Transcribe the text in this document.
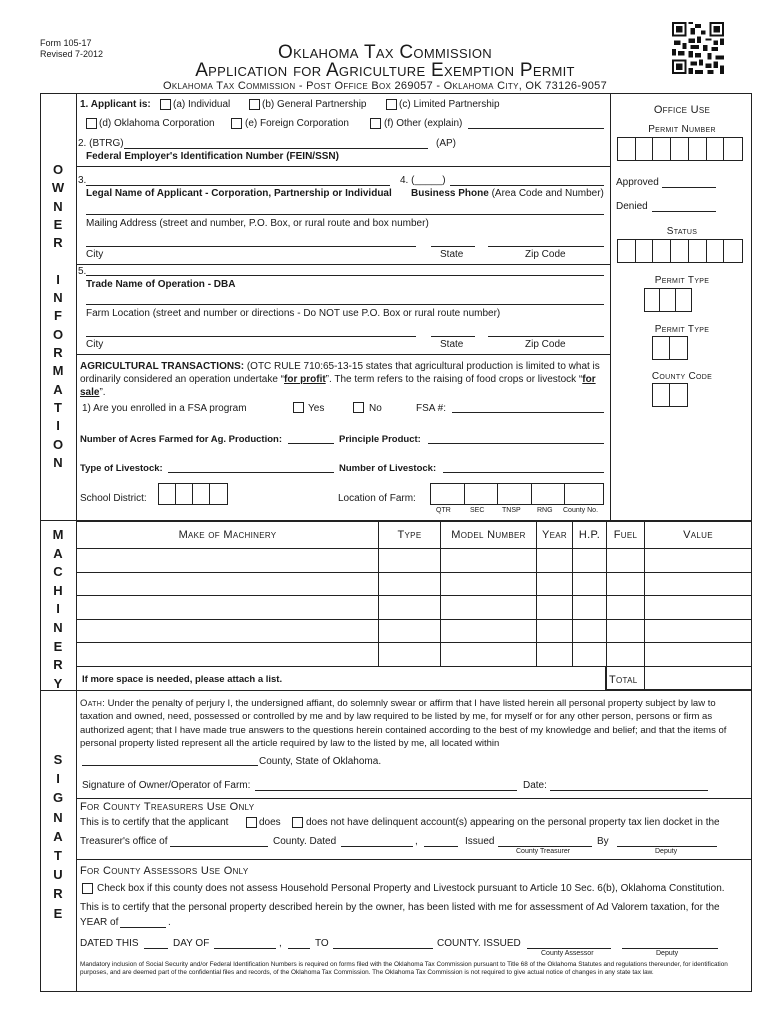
Form 105-17
Revised 7-2012	Oklahoma Tax Commission
Application for Agriculture Exemption Permit
Oklahoma Tax Commission - Post Office Box 269057 - Oklahoma City, OK 73126-9057
O
W
N
E
R
I
N
F
O
R
M
A
T
I
O
N
M
A
C
H
I
N
E
R
Y
S
I
G
N
A
T
U
R
E
1. Applicant is: (a) Individual	(b) General Partnership	(c) Limited Partnership
(d) Oklahoma Corporation	(e) Foreign Corporation	(f) Other (explain)
2. (BTRG)	(AP)
Federal Employer's Identification Number (FEIN/SSN)
3.	4. (_____)
Legal Name of Applicant - Corporation, Partnership or Individual Business Phone (Area Code and Number)
Mailing Address (street and number, P.O. Box, or rural route and box number)
City	State	Zip Code
5.
Trade Name of Operation - DBA
Farm Location (street and number or directions - Do NOT use P.O. Box or rural route number)
City	State	Zip Code
AGRICULTURAL TRANSACTIONS: (OTC RULE 710:65-13-15 states that agricultural production is limited to what is
ordinarily considered an operation undertake “for profit”. The term refers to the raising of food crops or livestock “for
sale”.
1) Are you enrolled in a FSA program	Yes	No	FSA #:
Number of Acres Farmed for Ag. Production:	Principle Product:
Type of Livestock:	Number of Livestock:
School District:	Location of Farm:
QTR	SEC	TNSP RNG County No.
Office Use
Permit Number
Approved
Denied
Status
Permit Type
Permit Type
County Code
Make of Machinery	Type	Model Number	Year	H.P.	Fuel	Value

If more space is needed, please attach a list.	Total
Oath: Under the penalty of perjury I, the undersigned affiant, do solemnly swear or affirm that I have listed herein all personal property subject by law to taxation and owned, need, possessed or controlled by me and by law required to be listed by me, for myself or for any other person, persons or firm as authorized agent; that I have made true answers to the questions herein contained according to the best of my knowledge and belief; and that the items of personal property listed represent all the article required by law to the listed by me, all located within
County, State of Oklahoma.
Signature of Owner/Operator of Farm:	Date:
For County Treasurers Use Only
This is to certify that the applicant	does	does not have delinquent account(s) appearing on the personal property tax lien docket in the
Treasurer's office of	County. Dated	,	Issued	By
County Treasurer	Deputy
For County Assessors Use Only
Check box if this county does not assess Household Personal Property and Livestock pursuant to Article 10 Sec. 6(b), Oklahoma Constitution.
This is to certify that the personal property described herein by the owner, has been listed with me for assessment of Ad Valorem taxation, for the
YEAR of	.
DATED THIS	DAY OF	,	TO	COUNTY. ISSUED
County Assessor	Deputy
Mandatory inclusion of Social Security and/or Federal Identification Numbers is required on forms filed with the Oklahoma Tax Commission pursuant to Title 68 of the Oklahoma Statutes and regulations thereunder, for identification purposes, and are deemed part of the confidential files and records, of the Oklahoma Tax Commission. The Oklahoma Tax Commission is not required to give actual notice of changes in any state tax law.
